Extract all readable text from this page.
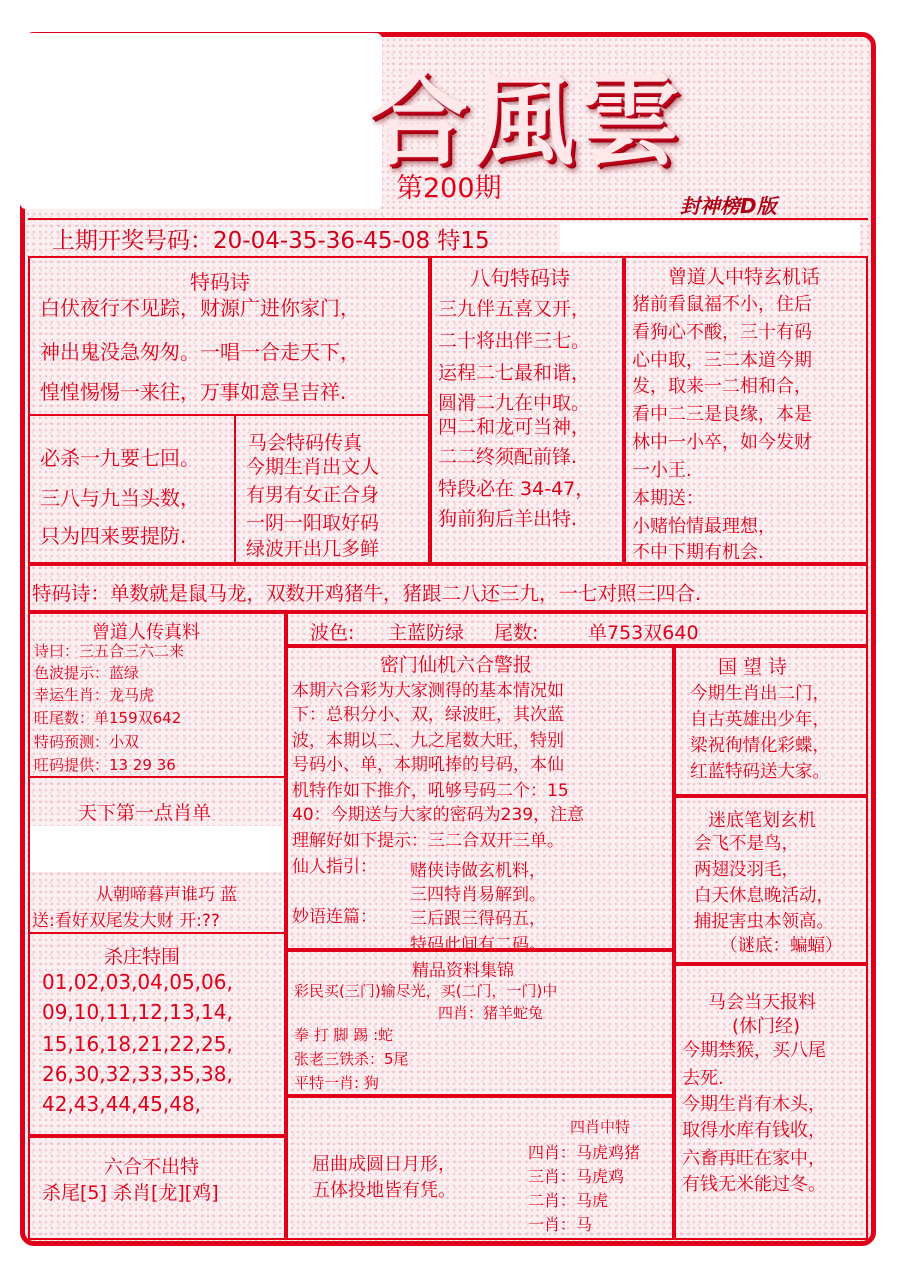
合風雲
第200期
封神榜D版
上期开奖号码：20-04-35-36-45-08 特15
特码诗
白伏夜行不见踪，财源广进你家门，
神出鬼没急匆匆。一唱一合走天下，
惶惶惕惕一来往，万事如意呈吉祥.
八句特码诗
三九伴五喜又开，
二十将出伴三七。
运程二七最和谐，
圆滑二九在中取。
四二和龙可当神，
二二终须配前锋.
特段必在 34-47，
狗前狗后羊出特.
曾道人中特玄机话
猪前看鼠福不小，住后
看狗心不酸，三十有码
心中取，三二本道今期
发，取来一二相和合，
看中二三是良缘，本是
林中一小卒，如今发财
一小王.
本期送：
小赌怡情最理想，
不中下期有机会.
必杀一九要七回。
三八与九当头数，
只为四来要提防.
马会特码传真
今期生肖出文人
有男有女正合身
一阴一阳取好码
绿波开出几多鲜
特码诗：单数就是鼠马龙，双数开鸡猪牛，猪跟二八还三九，一七对照三四合.
曾道人传真料
诗曰：三五合三六二来
色波提示：蓝绿
幸运生肖：龙马虎
旺尾数：单159双642
特码预测：小双
旺码提供：13 29 36
天下第一点肖单
从朝啼暮声谁巧 蓝
送:看好双尾发大财 开:??
杀庄特围
01,02,03,04,05,06,
09,10,11,12,13,14,
15,16,18,21,22,25,
26,30,32,33,35,38,
42,43,44,45,48,
六合不出特
杀尾[5] 杀肖[龙][鸡]
波色: 主蓝防绿 尾数:	单753双640
密门仙机六合警报
本期六合彩为大家测得的基本情况如
下：总积分小、双，绿波旺，其次蓝
波，本期以二、九之尾数大旺，特别
号码小、单，本期吼捧的号码，本仙
机特作如下推介，吼够号码二个：15
40：今期送与大家的密码为239，注意
理解好如下提示：三二合双开三单。
仙人指引： 赌侠诗做玄机料，
三四特肖易解到。
妙语连篇： 三后跟三得码五，
特码此间有二码。
精品资料集锦
彩民买(三门)输尽光，买(二门，一门)中
四肖：猪羊蛇兔
拳 打 脚 踢 :蛇
张老三铁杀：5尾
平特一肖: 狗
屈曲成圆日月形，
五体投地皆有凭。
四肖中特
四肖：马虎鸡猪
三肖：马虎鸡
二肖：马虎
一肖：马
国 望 诗
今期生肖出二门，
自古英雄出少年，
梁祝徇情化彩蝶，
红蓝特码送大家。
迷底笔划玄机
会飞不是鸟，
两翅没羽毛，
白天休息晚活动，
捕捉害虫本领高。
（谜底：蝙蝠）
马会当天报料
(休门经)
今期禁猴，买八尾
去死.
今期生肖有木头，
取得水库有钱收，
六畜再旺在家中，
有钱无米能过冬。
